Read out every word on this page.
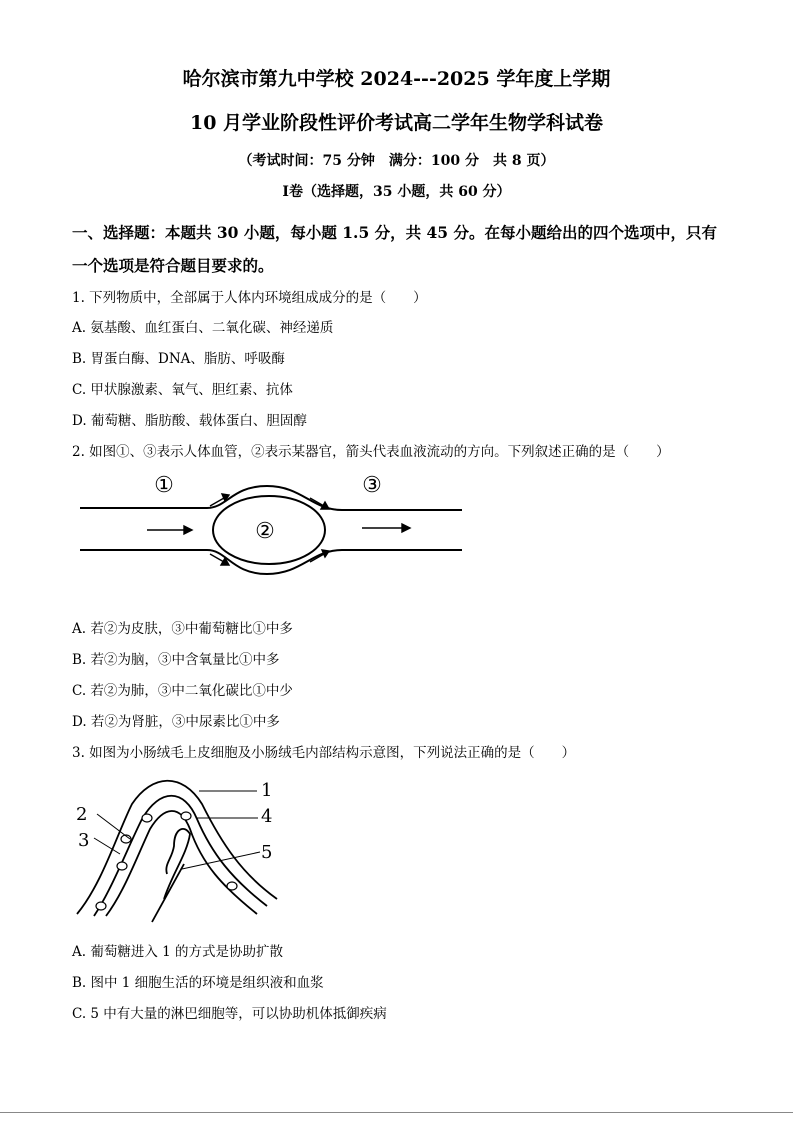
哈尔滨市第九中学校 2024---2025 学年度上学期
10 月学业阶段性评价考试高二学年生物学科试卷
（考试时间：75 分钟　满分：100 分　共 8 页）
Ⅰ卷（选择题，35 小题，共 60 分）
一、选择题：本题共 30 小题，每小题 1.5 分，共 45 分。在每小题给出的四个选项中，只有
一个选项是符合题目要求的。
1. 下列物质中，全部属于人体内环境组成成分的是（　　）
A. 氨基酸、血红蛋白、二氧化碳、神经递质
B. 胃蛋白酶、DNA、脂肪、呼吸酶
C. 甲状腺激素、氧气、胆红素、抗体
D. 葡萄糖、脂肪酸、载体蛋白、胆固醇
2. 如图①、③表示人体血管，②表示某器官，箭头代表血液流动的方向。下列叙述正确的是（　　）
①
②
③
A. 若②为皮肤，③中葡萄糖比①中多
B. 若②为脑，③中含氧量比①中多
C. 若②为肺，③中二氧化碳比①中少
D. 若②为肾脏，③中尿素比①中多
3. 如图为小肠绒毛上皮细胞及小肠绒毛内部结构示意图，下列说法正确的是（　　）
1
2
3
4
5
A. 葡萄糖进入 1 的方式是协助扩散
B. 图中 1 细胞生活的环境是组织液和血浆
C. 5 中有大量的淋巴细胞等，可以协助机体抵御疾病
